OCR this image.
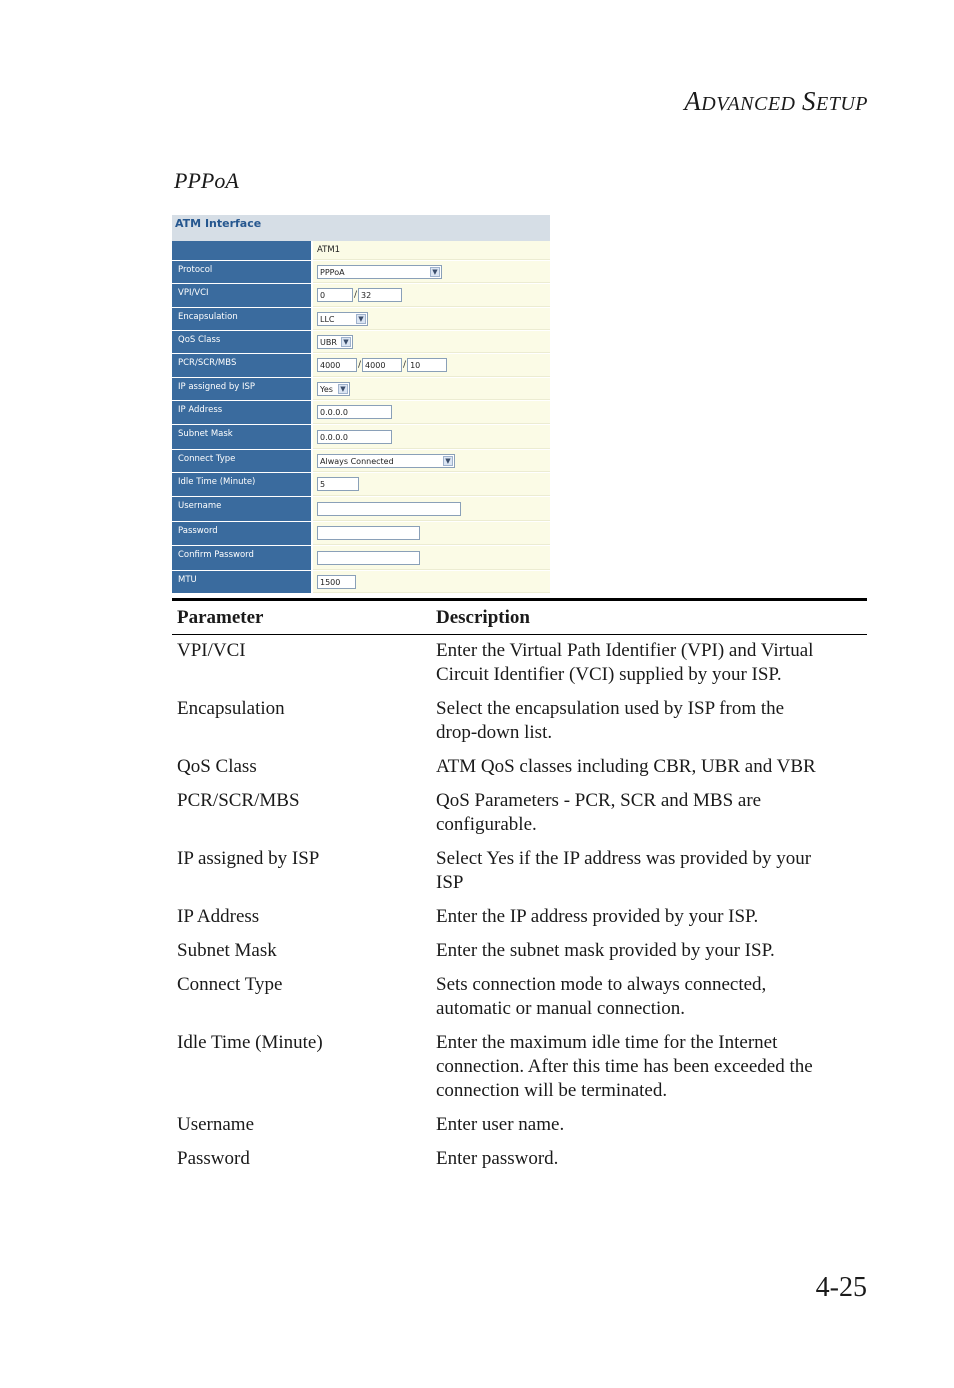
ADVANCED SETUP
PPPoA
ATM Interface
ATM1
Protocol	PPPoA	▼
VPI/VCI	0	/ 32
Encapsulation	LLC	▼
QoS Class	UBR ▼
PCR/SCR/MBS	4000	/ 4000	/ 10
IP assigned by ISP	Yes	▼
IP Address	0.0.0.0
Subnet Mask	0.0.0.0
Connect Type	Always Connected	▼
Idle Time (Minute)	5
Username
Password
Confirm Password
MTU	1500
Parameter	Description
VPI/VCI	Enter the Virtual Path Identifier (VPI) and Virtual
Circuit Identifier (VCI) supplied by your ISP.
Encapsulation	Select the encapsulation used by ISP from the
drop-down list.
QoS Class	ATM QoS classes including CBR, UBR and VBR
PCR/SCR/MBS	QoS Parameters - PCR, SCR and MBS are
configurable.
IP assigned by ISP	Select Yes if the IP address was provided by your
ISP
IP Address	Enter the IP address provided by your ISP.
Subnet Mask	Enter the subnet mask provided by your ISP.
Connect Type	Sets connection mode to always connected,
automatic or manual connection.
Idle Time (Minute)	Enter the maximum idle time for the Internet
connection. After this time has been exceeded the
connection will be terminated.
Username	Enter user name.
Password	Enter password.
4-25
